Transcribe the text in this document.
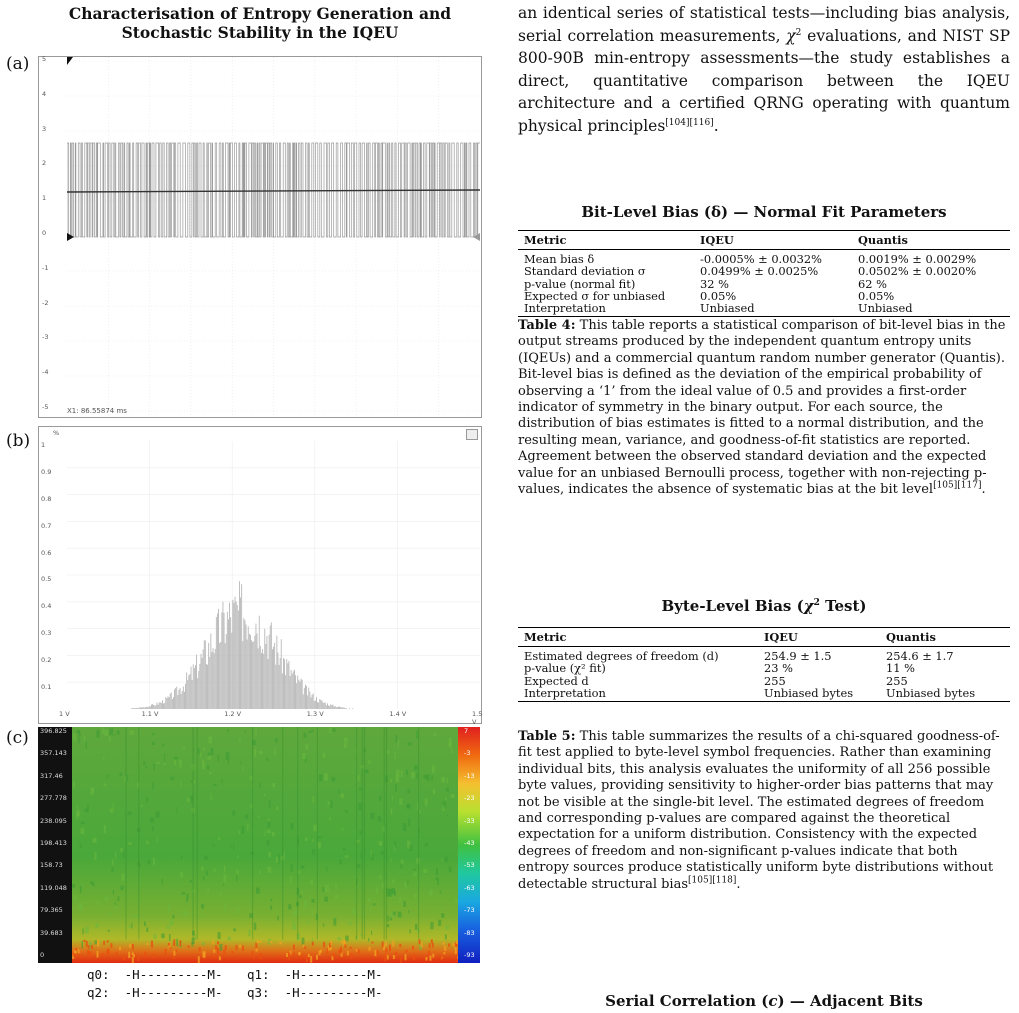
Characterisation of Entropy Generation and
Stochastic Stability in the IQEU
(a) 5
4
3
2
1
0
-1
-2
-3
-4
-5	X1: 86.55874 ms
(b)	%
1
0.9
0.8
0.7
0.6
0.5
0.4
0.3
0.2
0.1
1 V	1.1 V	1.2 V	1.3 V	1.4 V	1.5 V
(c) 396.825
357.143
317.46
277.778
238.095
198.413
158.73
119.048
79.365
39.683
0
7
-3
-13
-23
-33
-43
-53
-63
-73
-83
-93
q0: -H---------M- q1: -H---------M-
q2: -H---------M- q3: -H---------M-
an identical series of statistical tests—including bias analysis, serial correlation measurements, $\chi^2$ evaluations, and NIST SP 800-90B min-entropy assessments—the study establishes a direct, quantitative comparison between the IQEU architecture and a certified QRNG operating with quantum physical principles[104][116].
Bit-Level Bias (δ) — Normal Fit Parameters
Metric	IQEU	Quantis
Mean bias δ	-0.0005% ± 0.0032%	0.0019% ± 0.0029%
Standard deviation σ	0.0499% ± 0.0025%	0.0502% ± 0.0020%
p-value (normal fit)	32 %	62 %
Expected σ for unbiased	0.05%	0.05%
Interpretation	Unbiased	Unbiased
Table 4: This table reports a statistical comparison of bit-level bias in the output streams produced by the independent quantum entropy units (IQEUs) and a commercial quantum random number generator (Quantis). Bit-level bias is defined as the deviation of the empirical probability of observing a ‘1’ from the ideal value of 0.5 and provides a first-order indicator of symmetry in the binary output. For each source, the distribution of bias estimates is fitted to a normal distribution, and the resulting mean, variance, and goodness-of-fit statistics are reported. Agreement between the observed standard deviation and the expected value for an unbiased Bernoulli process, together with non-rejecting p-values, indicates the absence of systematic bias at the bit level[105][117].
Byte-Level Bias ($\chi^2$ Test)
Metric	IQEU	Quantis
Estimated degrees of freedom (d)	254.9 ± 1.5	254.6 ± 1.7
p-value (χ² fit)	23 %	11 %
Expected d	255	255
Interpretation	Unbiased bytes	Unbiased bytes
Table 5: This table summarizes the results of a chi-squared goodness-of-fit test applied to byte-level symbol frequencies. Rather than examining individual bits, this analysis evaluates the uniformity of all 256 possible byte values, providing sensitivity to higher-order bias patterns that may not be visible at the single-bit level. The estimated degrees of freedom and corresponding p-values are compared against the theoretical expectation for a uniform distribution. Consistency with the expected degrees of freedom and non-significant p-values indicate that both entropy sources produce statistically uniform byte distributions without detectable structural bias[105][118].
Serial Correlation (c) — Adjacent Bits
